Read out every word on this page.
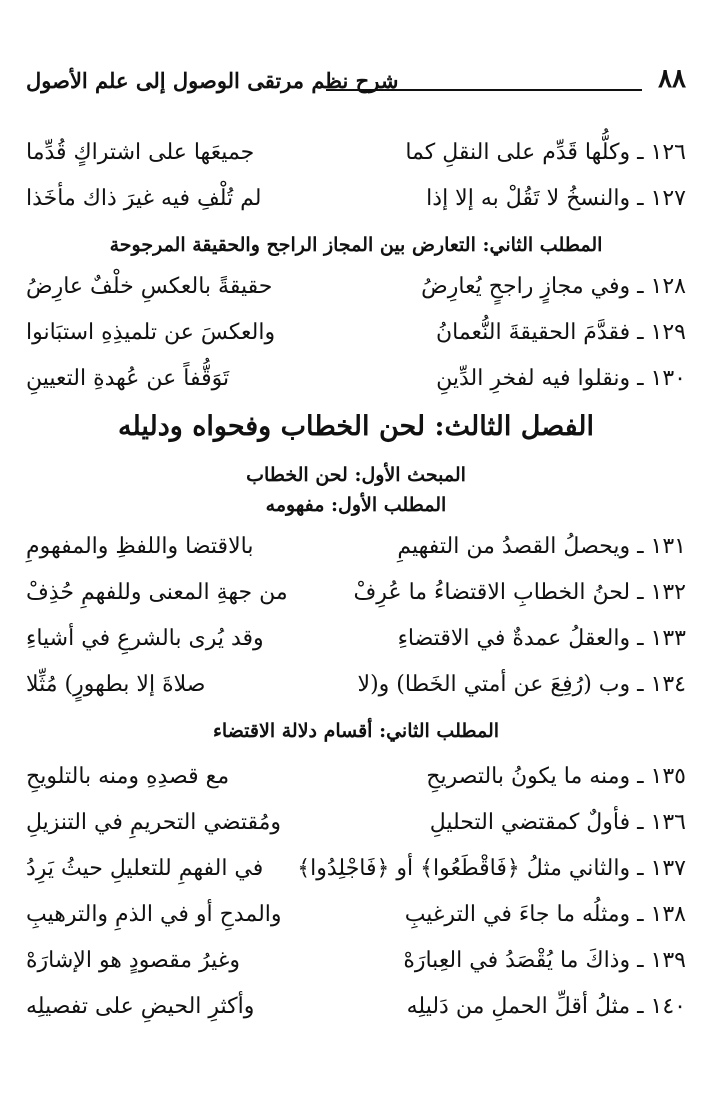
٨٨
شرح نظم مرتقى الوصول إلى علم الأصول
١٢٦ ـ وكلُّها قَدِّم على النقلِ كما
جميعَها على اشتراكٍ قُدِّما
١٢٧ ـ والنسخُ لا تَقُلْ به إلا إذا
لم تُلْفِ فيه غيرَ ذاك مأخَذا
المطلب الثاني: التعارض بين المجاز الراجح والحقيقة المرجوحة
١٢٨ ـ وفي مجازٍ راجحٍ يُعارِضُ
حقيقةً بالعكسِ خلْفٌ عارِضُ
١٢٩ ـ فقدَّمَ الحقيقةَ النُّعمانُ
والعكسَ عن تلميذِهِ استبَانوا
١٣٠ ـ ونقلوا فيه لفخرِ الدِّينِ
تَوَقُّفاً عن عُهدةِ التعيينِ
الفصل الثالث: لحن الخطاب وفحواه ودليله
المبحث الأول: لحن الخطاب
المطلب الأول: مفهومه
١٣١ ـ ويحصلُ القصدُ من التفهيمِ
بالاقتضا واللفظِ والمفهومِ
١٣٢ ـ لحنُ الخطابِ الاقتضاءُ ما عُرِفْ
من جهةِ المعنى وللفهمِ حُذِفْ
١٣٣ ـ والعقلُ عمدةٌ في الاقتضاءِ
وقد يُرى بالشرعِ في أشياءِ
١٣٤ ـ وب (رُفِعَ عن أمتي الخَطا) و(لا
صلاةَ إلا بطهورٍ) مُثِّلا
المطلب الثاني: أقسام دلالة الاقتضاء
١٣٥ ـ ومنه ما يكونُ بالتصريحِ
مع قصدِهِ ومنه بالتلويحِ
١٣٦ ـ فأولٌ كمقتضي التحليلِ
ومُقتضي التحريمِ في التنزيلِ
١٣٧ ـ والثاني مثلُ ﴿فَاقْطَعُوا﴾ أو ﴿فَاجْلِدُوا﴾
في الفهمِ للتعليلِ حيثُ يَرِدُ
١٣٨ ـ ومثلُه ما جاءَ في الترغيبِ
والمدحِ أو في الذمِ والترهيبِ
١٣٩ ـ وذاكَ ما يُقْصَدُ في العِبارَهْ
وغيرُ مقصودٍ هو الإشارَهْ
١٤٠ ـ مثلُ أقلِّ الحملِ من دَليلِه
وأكثرِ الحيضِ على تفصيلِه
